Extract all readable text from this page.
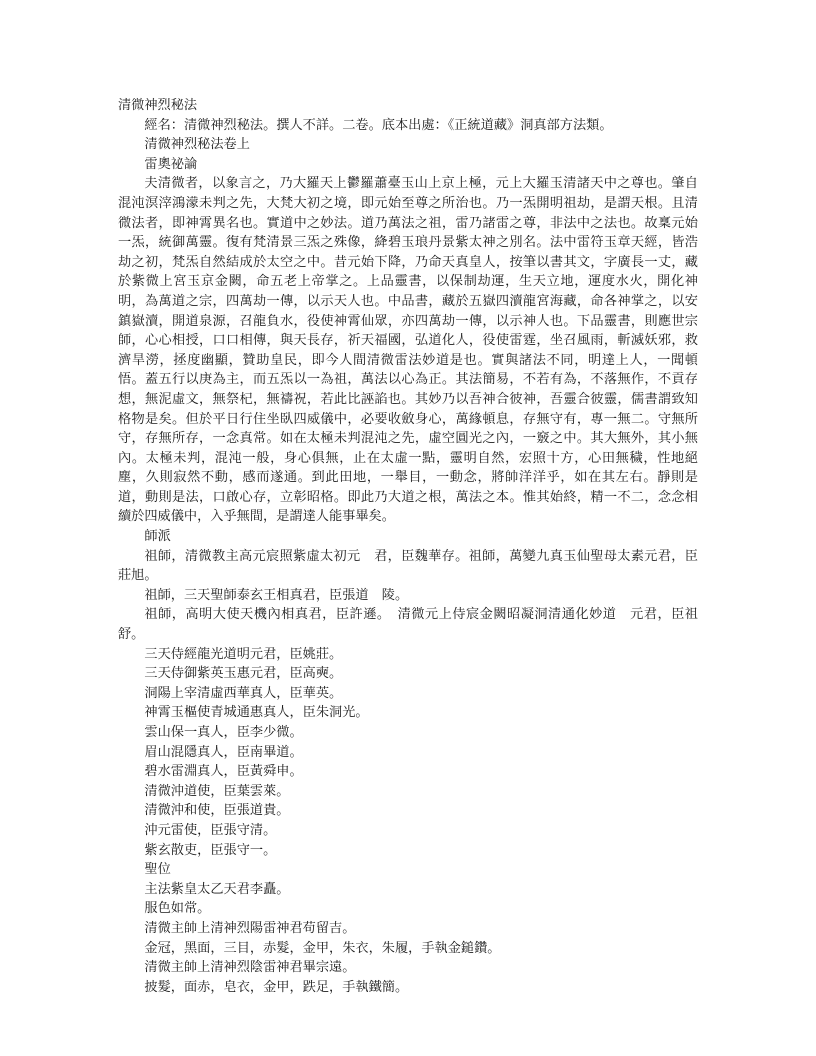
清微神烈秘法

經名：清微神烈秘法。撰人不詳。二卷。底本出處：《正統道藏》洞真部方法類。

清微神烈秘法卷上

雷奧祕論

夫清微者，以象言之，乃大羅天上鬱羅蕭臺玉山上京上極，元上大羅玉清諸天中之尊也。肇自混沌溟滓鴻濛未判之先，大梵大初之境，即元始至尊之所治也。乃一炁開明祖劫，是謂天根。且清微法者，即神霄異名也。實道中之妙法。道乃萬法之祖，雷乃諸雷之尊，非法中之法也。故稟元始一炁，統御萬靈。復有梵清景三炁之殊像，絳碧玉琅丹景紫太神之別名。法中雷符玉章天經，皆浩劫之初，梵炁自然結成於太空之中。昔元始下降，乃命天真皇人，按筆以書其文，字廣長一丈，藏於紫微上宮玉京金闕，命五老上帝掌之。上品靈書，以保制劫運，生天立地，運度水火，開化神明，為萬道之宗，四萬劫一傳，以示天人也。中品書，藏於五嶽四瀆龍宮海藏，命各神掌之，以安鎮嶽瀆，開道泉源，召龍負水，役使神霄仙眾，亦四萬劫一傳，以示神人也。下品靈書，則應世宗師，心心相授，口口相傳，與天長存，祈天福國，弘道化人，役使雷霆，坐召風雨，斬滅妖邪，救濟旱澇，拯度幽顯，贊助皇民，即今人間清微雷法妙道是也。實與諸法不同，明達上人，一聞頓悟。蓋五行以庚為主，而五炁以一為祖，萬法以心為正。其法簡易，不若有為，不落無作，不貢存想，無泥虛文，無祭杞，無禱祝，若此比誣諂也。其妙乃以吾神合彼神，吾靈合彼靈，儒書謂致知格物是矣。但於平日行住坐臥四威儀中，必要收斂身心，萬緣頓息，存無守有，專一無二。守無所守，存無所存，一念真常。如在太極未判混沌之先，虛空圓光之內，一竅之中。其大無外，其小無內。太極未判，混沌一般，身心俱無，止在太虛一點，靈明自然，宏照十方，心田無穢，性地絕塵，久則寂然不動，感而遂通。到此田地，一舉目，一動念，將帥洋洋乎，如在其左右。靜則是道，動則是法，口啟心存，立彰昭格。即此乃大道之根，萬法之本。惟其始終，精一不二，念念相續於四威儀中，入乎無間，是謂達人能事畢矣。

師派

祖師，清微教主高元宸照紫虛太初元　君，臣魏華存。祖師，萬變九真玉仙聖母太素元君，臣　莊旭。

祖師，三天聖師泰玄王相真君，臣張道　陵。

祖師，高明大使天機內相真君，臣許遜。　清微元上侍宸金闕昭凝洞清通化妙道　元君，臣祖舒。

三天侍經龍光道明元君，臣姚莊。

三天侍御紫英玉惠元君，臣高奭。

洞陽上宰清虛西華真人，臣華英。

神霄玉樞使青城通惠真人，臣朱洞光。

雲山保一真人，臣李少微。

眉山混隱真人，臣南畢道。

碧水雷淵真人，臣黃舜申。

清微沖道使，臣葉雲萊。

清微沖和使，臣張道貴。

沖元雷使，臣張守清。

紫玄散吏，臣張守一。

聖位

主法紫皇太乙天君李矗。

服色如常。

清微主帥上清神烈陽雷神君苟留吉。

金冠，黑面，三目，赤髮，金甲，朱衣，朱履，手執金鎚鑽。

清微主帥上清神烈陰雷神君畢宗遠。

披髮，面赤，皂衣，金甲，跌足，手執鐵簡。
